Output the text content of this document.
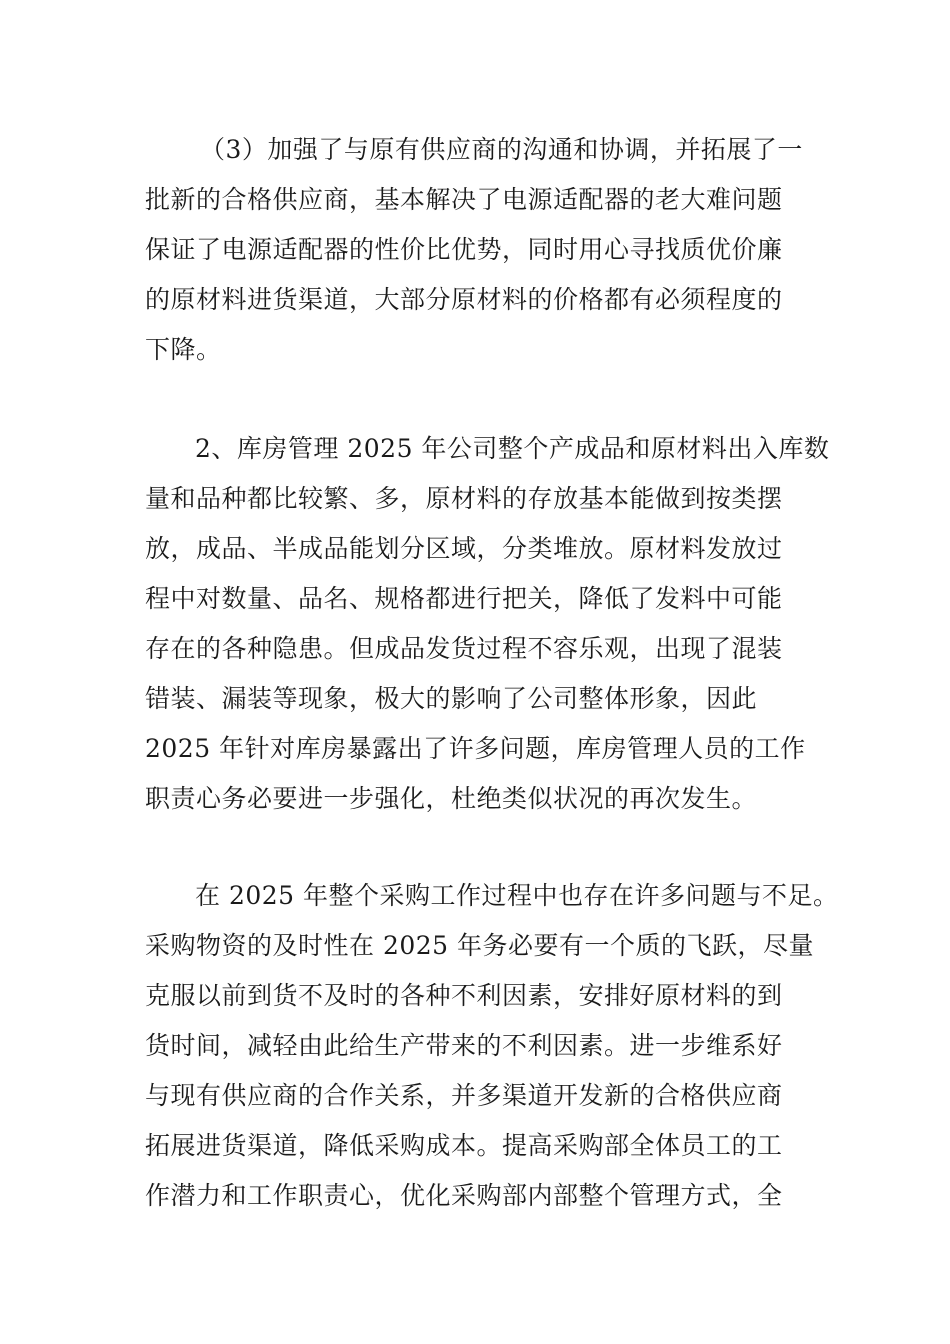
（3）加强了与原有供应商的沟通和协调，并拓展了一
批新的合格供应商，基本解决了电源适配器的老大难问题
保证了电源适配器的性价比优势，同时用心寻找质优价廉
的原材料进货渠道，大部分原材料的价格都有必须程度的
下降。
2、库房管理 2025 年公司整个产成品和原材料出入库数
量和品种都比较繁、多，原材料的存放基本能做到按类摆
放，成品、半成品能划分区域，分类堆放。原材料发放过
程中对数量、品名、规格都进行把关，降低了发料中可能
存在的各种隐患。但成品发货过程不容乐观，出现了混装
错装、漏装等现象，极大的影响了公司整体形象，因此
2025 年针对库房暴露出了许多问题，库房管理人员的工作
职责心务必要进一步强化，杜绝类似状况的再次发生。
在 2025 年整个采购工作过程中也存在许多问题与不足。
采购物资的及时性在 2025 年务必要有一个质的飞跃，尽量
克服以前到货不及时的各种不利因素，安排好原材料的到
货时间，减轻由此给生产带来的不利因素。进一步维系好
与现有供应商的合作关系，并多渠道开发新的合格供应商
拓展进货渠道，降低采购成本。提高采购部全体员工的工
作潜力和工作职责心，优化采购部内部整个管理方式，全
